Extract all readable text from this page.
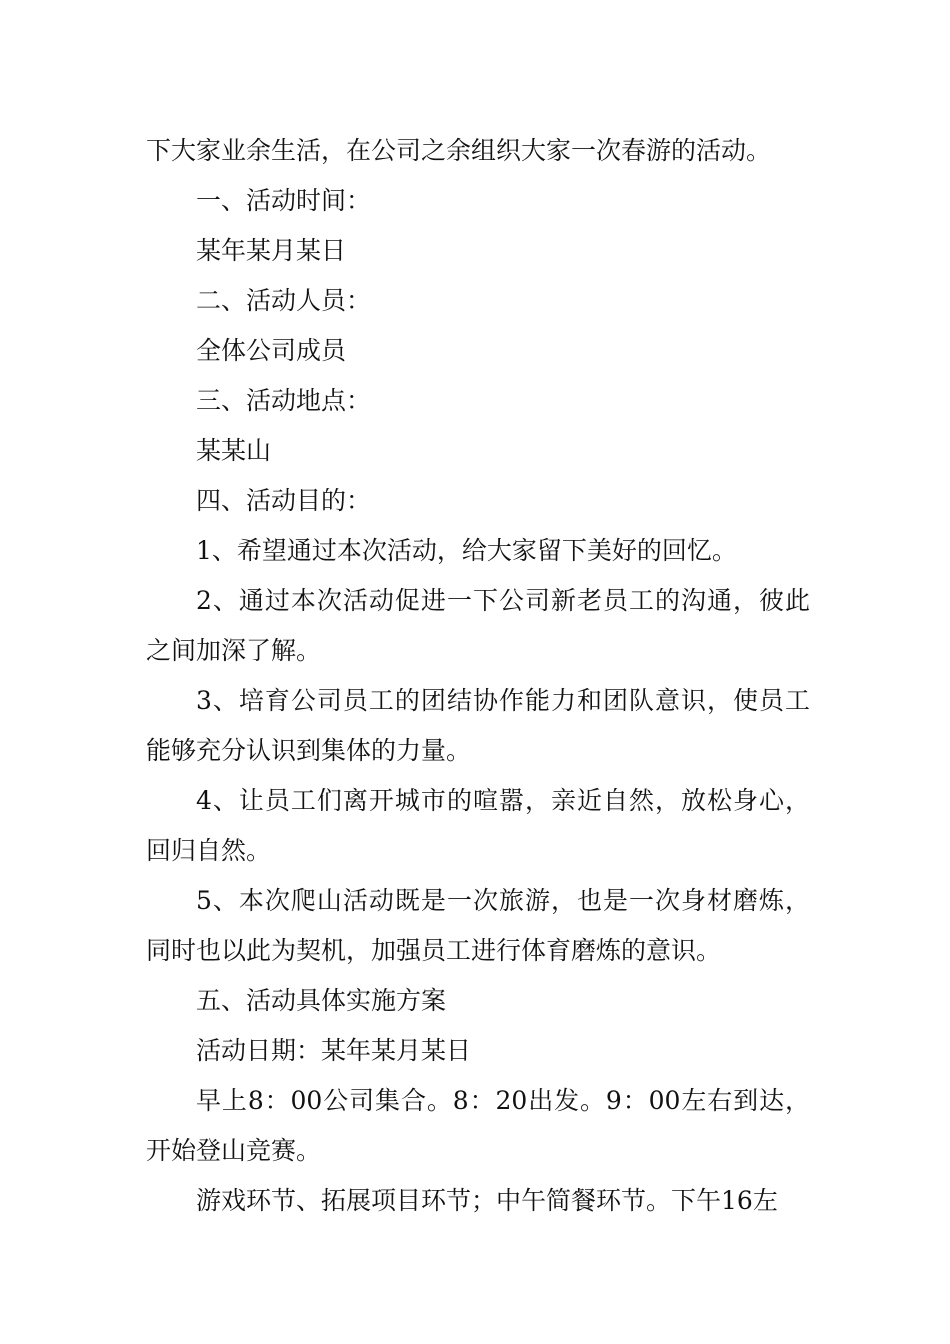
下大家业余生活，在公司之余组织大家一次春游的活动。

一、活动时间：

某年某月某日

二、活动人员：

全体公司成员

三、活动地点：

某某山

四、活动目的：

1、希望通过本次活动，给大家留下美好的回忆。

2、通过本次活动促进一下公司新老员工的沟通，彼此之间加深了解。

3、培育公司员工的团结协作能力和团队意识，使员工能够充分认识到集体的力量。

4、让员工们离开城市的喧嚣，亲近自然，放松身心，回归自然。

5、本次爬山活动既是一次旅游，也是一次身材磨炼，同时也以此为契机，加强员工进行体育磨炼的意识。

五、活动具体实施方案

活动日期：某年某月某日

早上8：00公司集合。8：20出发。9：00左右到达，开始登山竞赛。

游戏环节、拓展项目环节；中午简餐环节。下午16左
